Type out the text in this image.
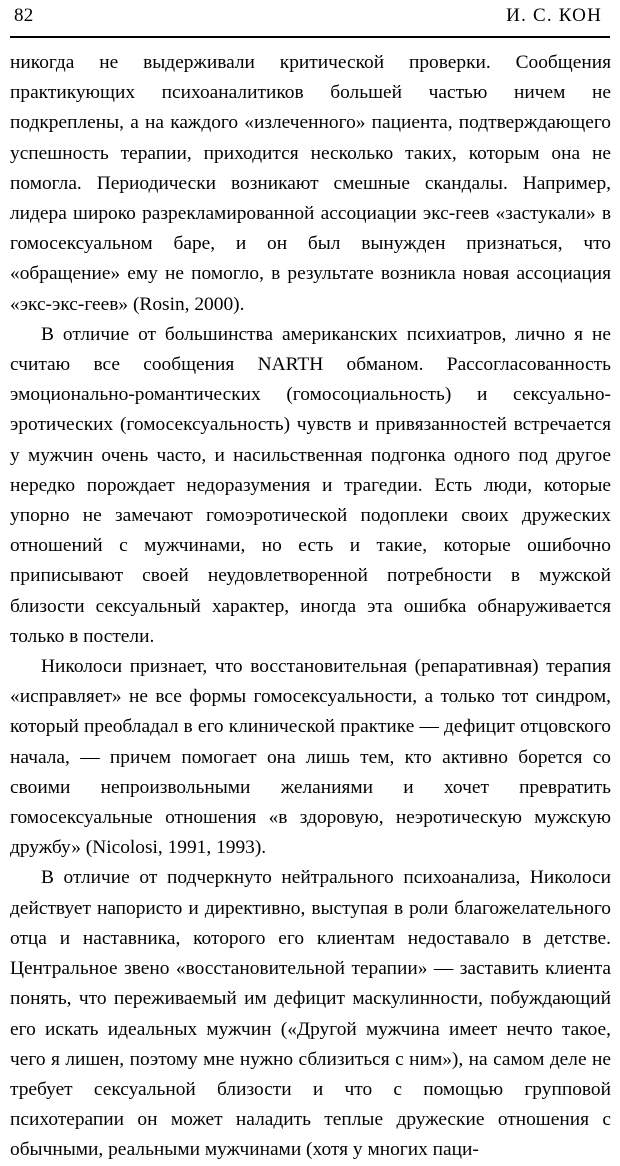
82	И. С. КОН

никогда не выдерживали критической проверки. Сообщения практикующих психоаналитиков большей частью ничем не подкреплены, а на каждого «излеченного» пациента, подтверждающего успешность терапии, приходится несколько таких, которым она не помогла. Периодически возникают смешные скандалы. Например, лидера широко разрекламированной ассоциации экс-геев «застукали» в гомосексуальном баре, и он был вынужден признаться, что «обращение» ему не помогло, в результате возникла новая ассоциация «экс-экс-геев» (Rosin, 2000).

В отличие от большинства американских психиатров, лично я не считаю все сообщения NARTH обманом. Рассогласованность эмоционально-романтических (гомосоциальность) и сексуально-эротических (гомосексуальность) чувств и привязанностей встречается у мужчин очень часто, и насильственная подгонка одного под другое нередко порождает недоразумения и трагедии. Есть люди, которые упорно не замечают гомоэротической подоплеки своих дружеских отношений с мужчинами, но есть и такие, которые ошибочно приписывают своей неудовлетворенной потребности в мужской близости сексуальный характер, иногда эта ошибка обнаруживается только в постели.

Николоси признает, что восстановительная (репаративная) терапия «исправляет» не все формы гомосексуальности, а только тот синдром, который преобладал в его клинической практике — дефицит отцовского начала, — причем помогает она лишь тем, кто активно борется со своими непроизвольными желаниями и хочет превратить гомосексуальные отношения «в здоровую, неэротическую мужскую дружбу» (Nicolosi, 1991, 1993).

В отличие от подчеркнуто нейтрального психоанализа, Николоси действует напористо и директивно, выступая в роли благожелательного отца и наставника, которого его клиентам недоставало в детстве. Центральное звено «восстановительной терапии» — заставить клиента понять, что переживаемый им дефицит маскулинности, побуждающий его искать идеальных мужчин («Другой мужчина имеет нечто такое, чего я лишен, поэтому мне нужно сблизиться с ним»), на самом деле не требует сексуальной близости и что с помощью групповой психотерапии он может наладить теплые дружеские отношения с обычными, реальными мужчинами (хотя у многих паци-
